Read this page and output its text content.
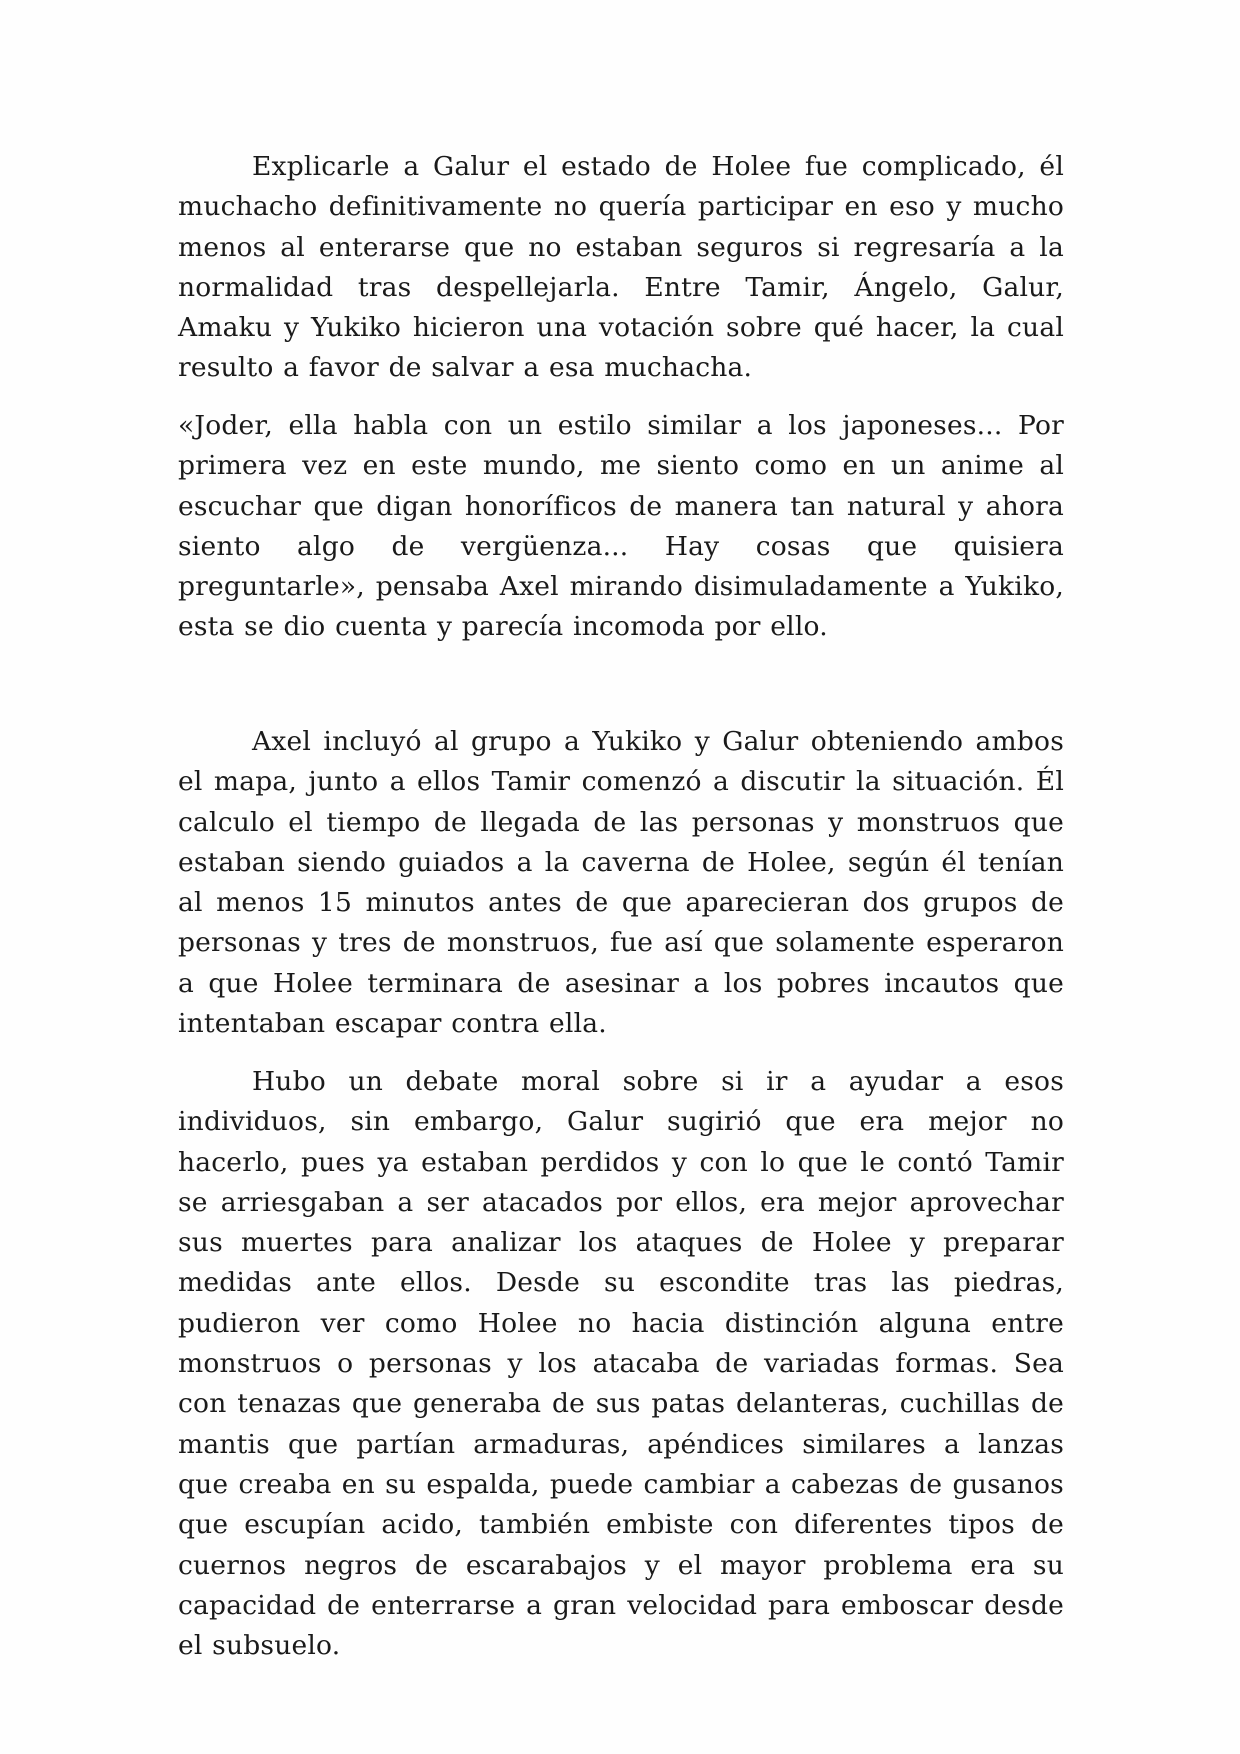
Explicarle a Galur el estado de Holee fue complicado, él muchacho definitivamente no quería participar en eso y mucho menos al enterarse que no estaban seguros si regresaría a la normalidad tras despellejarla. Entre Tamir, Ángelo, Galur, Amaku y Yukiko hicieron una votación sobre qué hacer, la cual resulto a favor de salvar a esa muchacha.

«Joder, ella habla con un estilo similar a los japoneses... Por primera vez en este mundo, me siento como en un anime al escuchar que digan honoríficos de manera tan natural y ahora siento algo de vergüenza... Hay cosas que quisiera preguntarle», pensaba Axel mirando disimuladamente a Yukiko, esta se dio cuenta y parecía incomoda por ello.

Axel incluyó al grupo a Yukiko y Galur obteniendo ambos el mapa, junto a ellos Tamir comenzó a discutir la situación. Él calculo el tiempo de llegada de las personas y monstruos que estaban siendo guiados a la caverna de Holee, según él tenían al menos 15 minutos antes de que aparecieran dos grupos de personas y tres de monstruos, fue así que solamente esperaron a que Holee terminara de asesinar a los pobres incautos que intentaban escapar contra ella.

Hubo un debate moral sobre si ir a ayudar a esos individuos, sin embargo, Galur sugirió que era mejor no hacerlo, pues ya estaban perdidos y con lo que le contó Tamir se arriesgaban a ser atacados por ellos, era mejor aprovechar sus muertes para analizar los ataques de Holee y preparar medidas ante ellos. Desde su escondite tras las piedras, pudieron ver como Holee no hacia distinción alguna entre monstruos o personas y los atacaba de variadas formas. Sea con tenazas que generaba de sus patas delanteras, cuchillas de mantis que partían armaduras, apéndices similares a lanzas que creaba en su espalda, puede cambiar a cabezas de gusanos que escupían acido, también embiste con diferentes tipos de cuernos negros de escarabajos y el mayor problema era su capacidad de enterrarse a gran velocidad para emboscar desde el subsuelo.
